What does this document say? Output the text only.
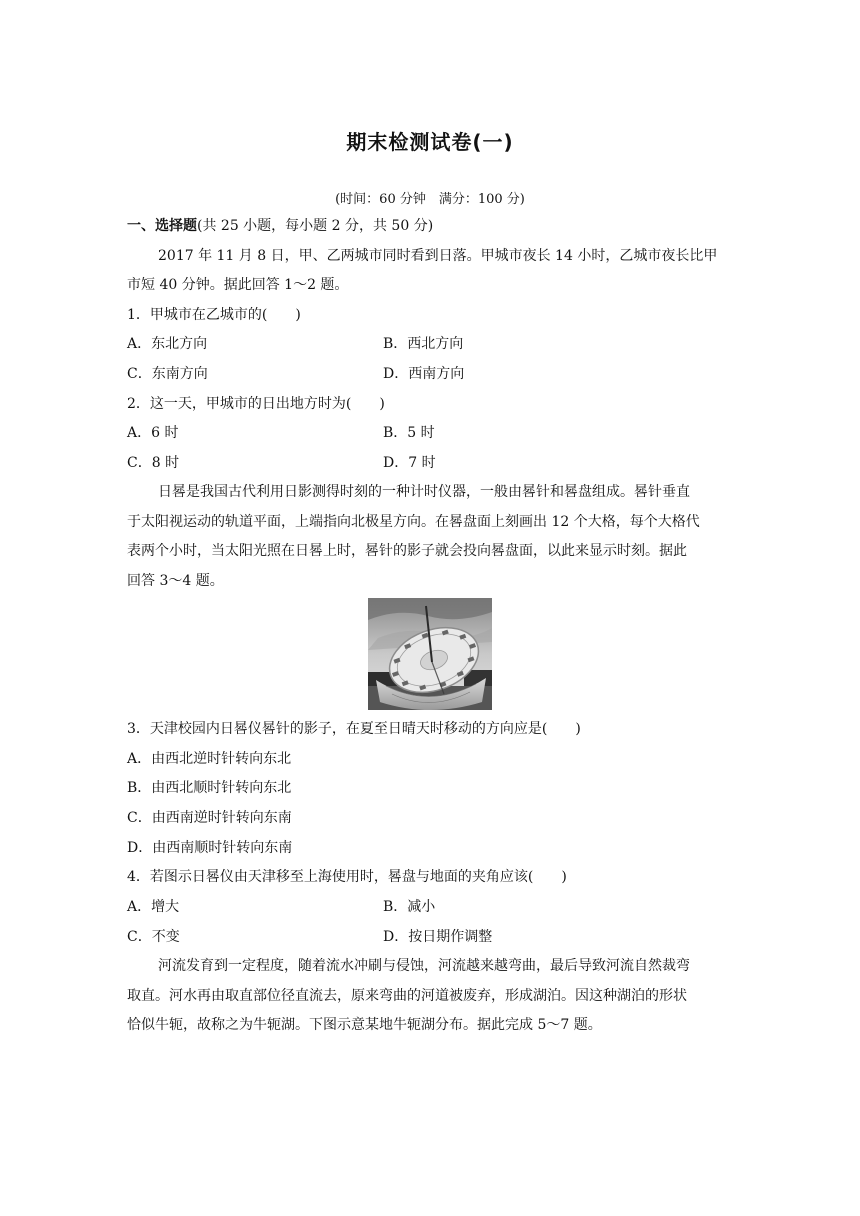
期末检测试卷(一)
(时间：60 分钟　满分：100 分)
一、选择题(共 25 小题，每小题 2 分，共 50 分)
2017 年 11 月 8 日，甲、乙两城市同时看到日落。甲城市夜长 14 小时，乙城市夜长比甲
市短 40 分钟。据此回答 1～2 题。
1．甲城市在乙城市的(　　)
A．东北方向	B．西北方向
C．东南方向	D．西南方向
2．这一天，甲城市的日出地方时为(　　)
A．6 时	B．5 时
C．8 时	D．7 时
日晷是我国古代利用日影测得时刻的一种计时仪器，一般由晷针和晷盘组成。晷针垂直
于太阳视运动的轨道平面，上端指向北极星方向。在晷盘面上刻画出 12 个大格，每个大格代
表两个小时，当太阳光照在日晷上时，晷针的影子就会投向晷盘面，以此来显示时刻。据此
回答 3～4 题。
3．天津校园内日晷仪晷针的影子，在夏至日晴天时移动的方向应是(　　)
A．由西北逆时针转向东北
B．由西北顺时针转向东北
C．由西南逆时针转向东南
D．由西南顺时针转向东南
4．若图示日晷仪由天津移至上海使用时，晷盘与地面的夹角应该(　　)
A．增大	B．减小
C．不变	D．按日期作调整
河流发育到一定程度，随着流水冲刷与侵蚀，河流越来越弯曲，最后导致河流自然裁弯
取直。河水再由取直部位径直流去，原来弯曲的河道被废弃，形成湖泊。因这种湖泊的形状
恰似牛轭，故称之为牛轭湖。下图示意某地牛轭湖分布。据此完成 5～7 题。
